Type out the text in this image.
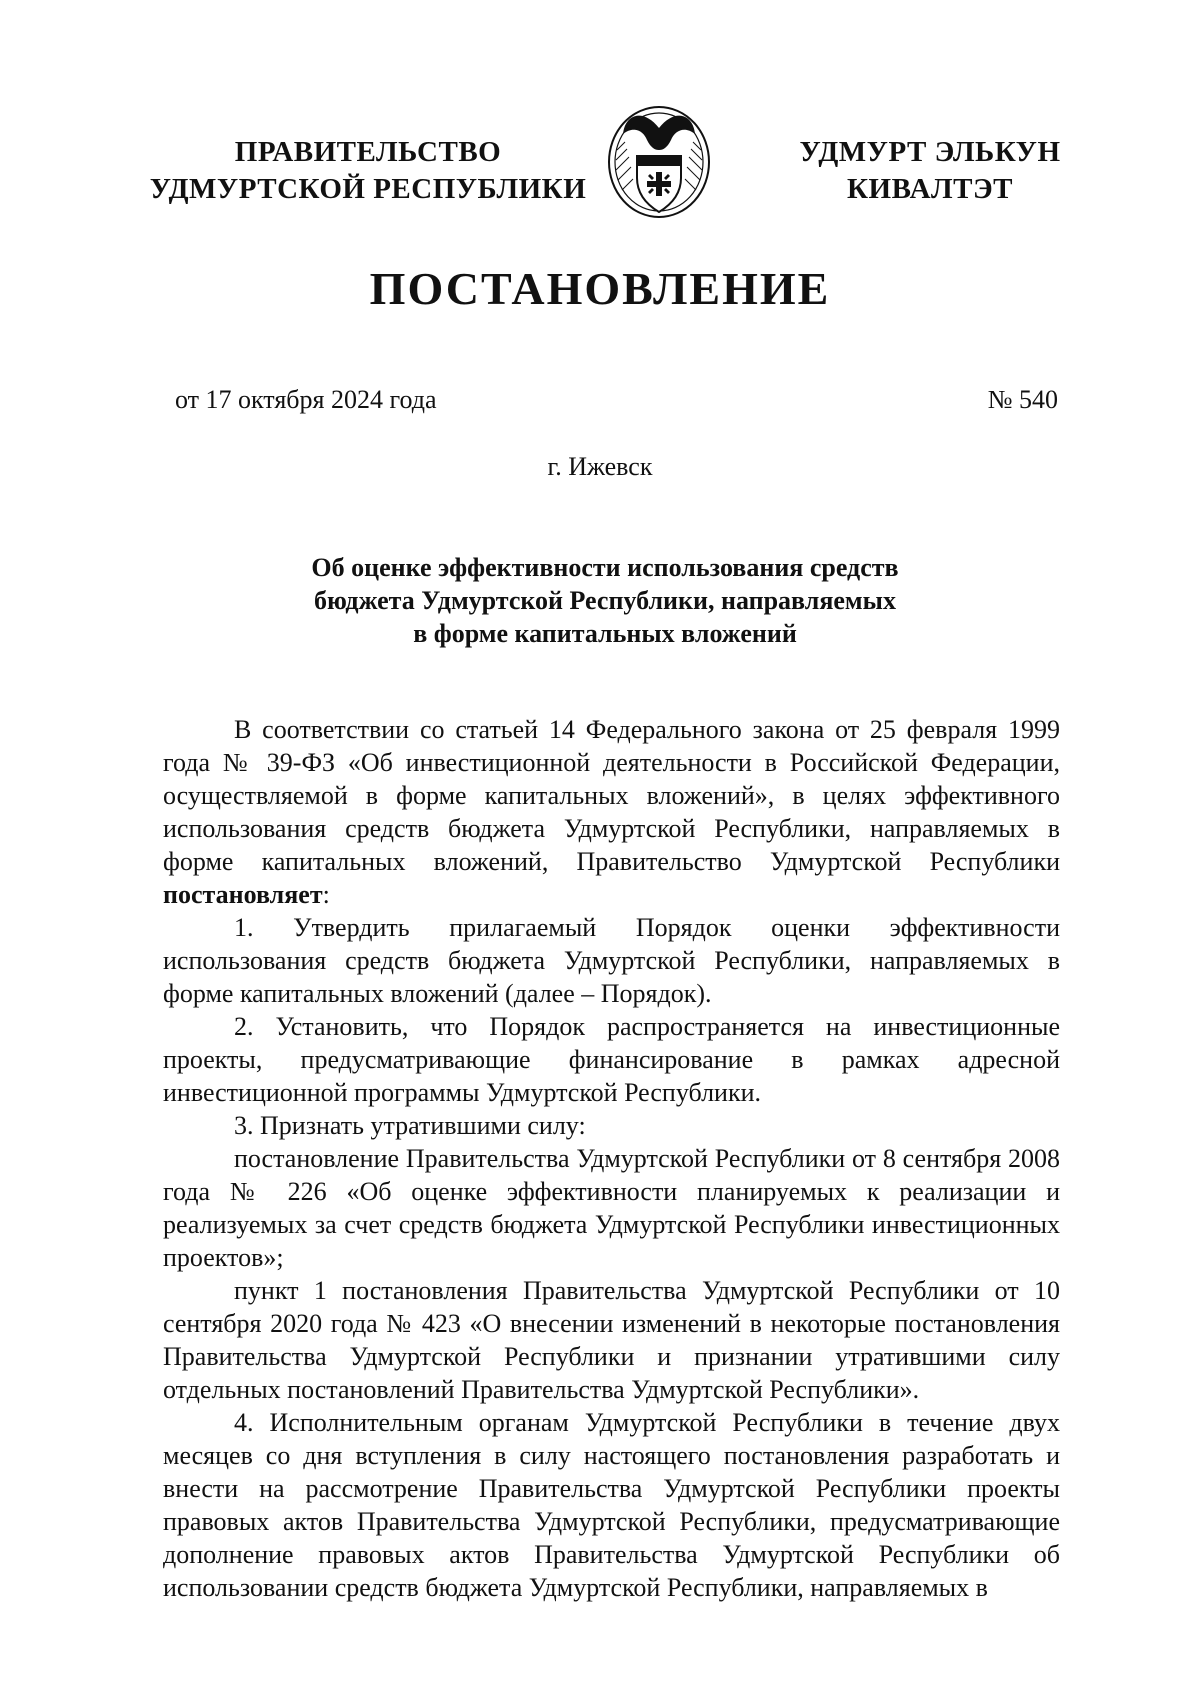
ПРАВИТЕЛЬСТВО
УДМУРТСКОЙ РЕСПУБЛИКИ
УДМУРТ ЭЛЬКУН
КИВАЛТЭТ
ПОСТАНОВЛЕНИЕ
от 17 октября 2024 года	№ 540
г. Ижевск
Об оценке эффективности использования средств
бюджета Удмуртской Республики, направляемых
в форме капитальных вложений

В соответствии со статьей 14 Федерального закона от 25 февраля 1999 года № 39-ФЗ «Об инвестиционной деятельности в Российской Федерации, осуществляемой в форме капитальных вложений», в целях эффективного использования средств бюджета Удмуртской Республики, направляемых в форме капитальных вложений, Правительство Удмуртской Республики постановляет:

1. Утвердить прилагаемый Порядок оценки эффективности использования средств бюджета Удмуртской Республики, направляемых в форме капитальных вложений (далее – Порядок).

2. Установить, что Порядок распространяется на инвестиционные проекты, предусматривающие финансирование в рамках адресной инвестиционной программы Удмуртской Республики.

3. Признать утратившими силу:

постановление Правительства Удмуртской Республики от 8 сентября 2008 года № 226 «Об оценке эффективности планируемых к реализации и реализуемых за счет средств бюджета Удмуртской Республики инвестиционных проектов»;

пункт 1 постановления Правительства Удмуртской Республики от 10 сентября 2020 года № 423 «О внесении изменений в некоторые постановления Правительства Удмуртской Республики и признании утратившими силу отдельных постановлений Правительства Удмуртской Республики».

4. Исполнительным органам Удмуртской Республики в течение двух месяцев со дня вступления в силу настоящего постановления разработать и внести на рассмотрение Правительства Удмуртской Республики проекты правовых актов Правительства Удмуртской Республики, предусматривающие дополнение правовых актов Правительства Удмуртской Республики об использовании средств бюджета Удмуртской Республики, направляемых в
